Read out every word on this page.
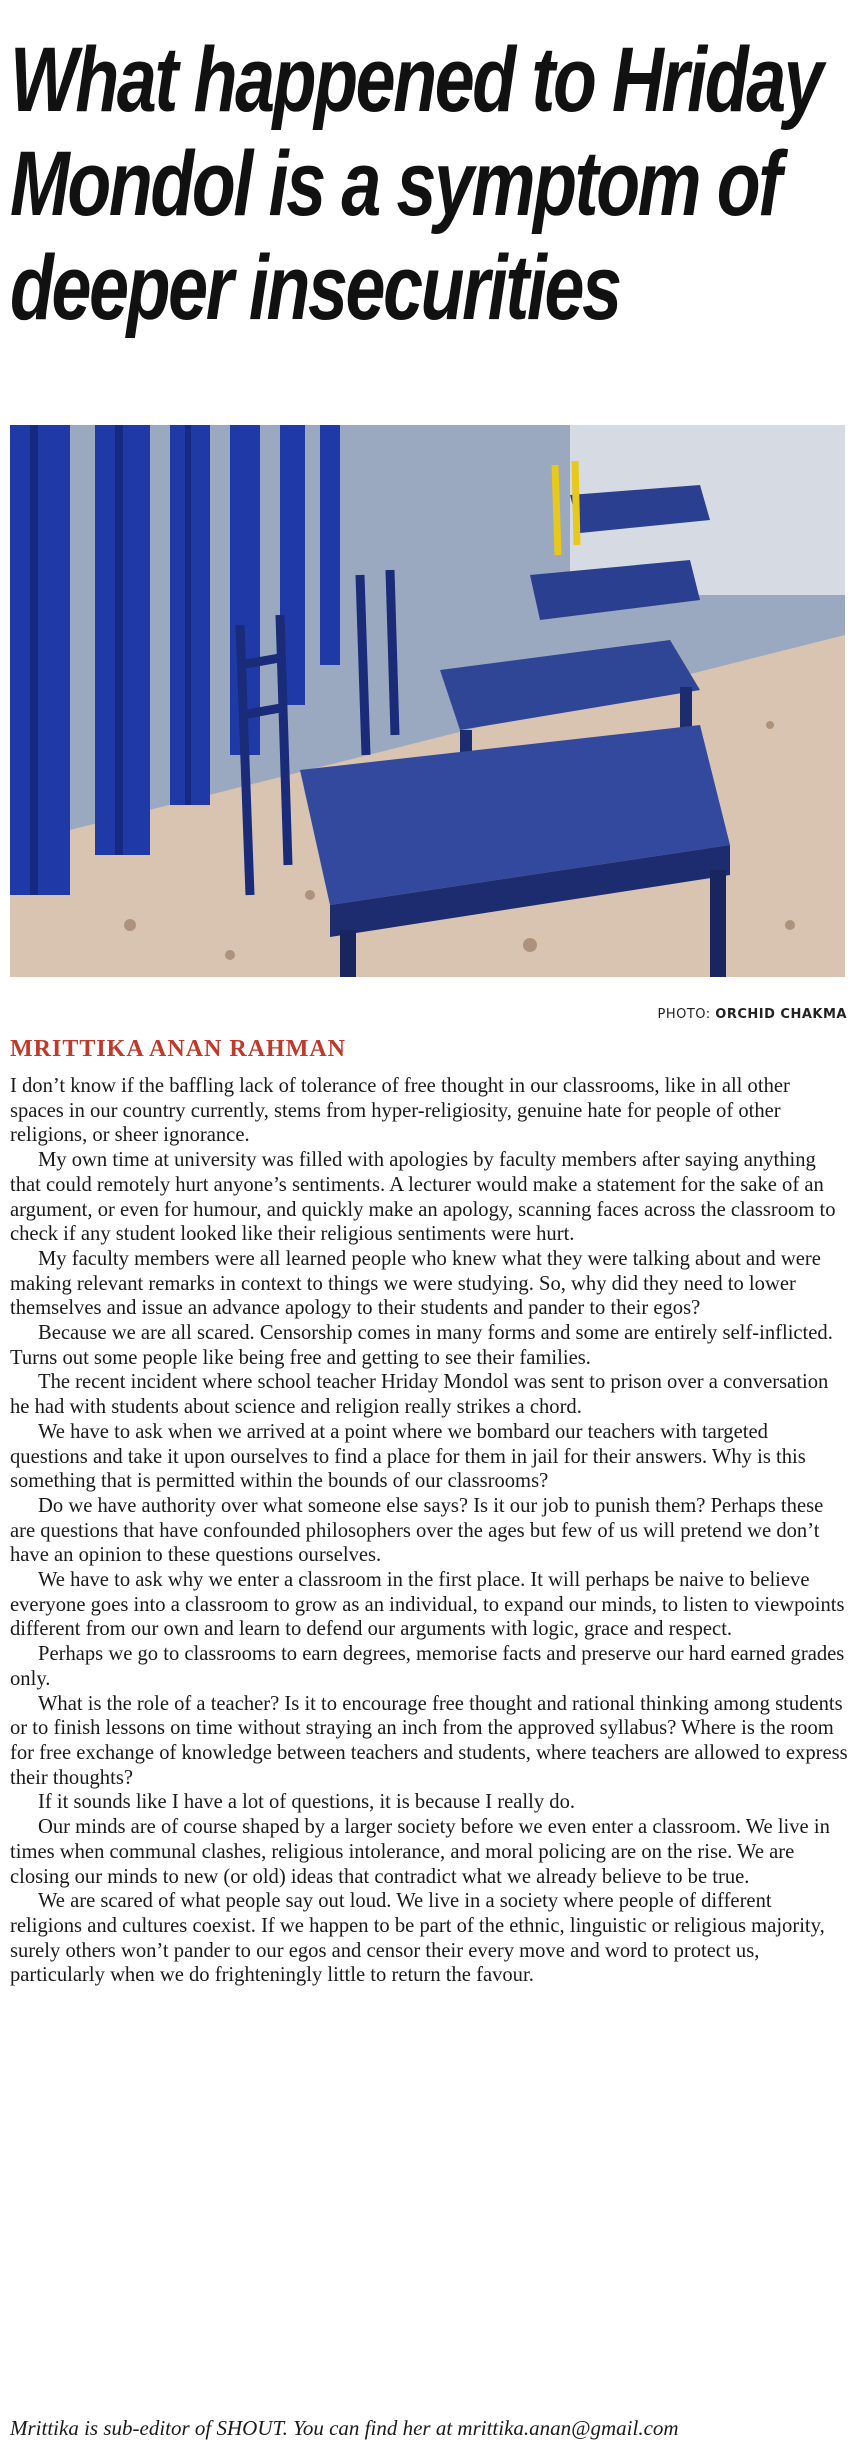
What happened to Hriday
Mondol is a symptom of
deeper insecurities
PHOTO: ORCHID CHAKMA
MRITTIKA ANAN RAHMAN

I don’t know if the baffling lack of tolerance of free thought in our classrooms, like in all other spaces in our country currently, stems from hyper-religiosity, genuine hate for people of other religions, or sheer ignorance.

My own time at university was filled with apologies by faculty members after saying anything that could remotely hurt anyone’s sentiments. A lecturer would make a statement for the sake of an argument, or even for humour, and quickly make an apology, scanning faces across the classroom to check if any student looked like their religious sentiments were hurt.

My faculty members were all learned people who knew what they were talking about and were making relevant remarks in context to things we were studying. So, why did they need to lower themselves and issue an advance apology to their students and pander to their egos?

Because we are all scared. Censorship comes in many forms and some are entirely self-inflicted. Turns out some people like being free and getting to see their families.

The recent incident where school teacher Hriday Mondol was sent to prison over a conversation he had with students about science and religion really strikes a chord.

We have to ask when we arrived at a point where we bombard our teachers with targeted questions and take it upon ourselves to find a place for them in jail for their answers. Why is this something that is permitted within the bounds of our classrooms?

Do we have authority over what someone else says? Is it our job to punish them? Perhaps these are questions that have confounded philosophers over the ages but few of us will pretend we don’t have an opinion to these questions ourselves.

We have to ask why we enter a classroom in the first place. It will perhaps be naive to believe everyone goes into a classroom to grow as an individual, to expand our minds, to listen to viewpoints different from our own and learn to defend our arguments with logic, grace and respect.

Perhaps we go to classrooms to earn degrees, memorise facts and preserve our hard earned grades only.

What is the role of a teacher? Is it to encourage free thought and rational thinking among students or to finish lessons on time without straying an inch from the approved syllabus? Where is the room for free exchange of knowledge between teachers and students, where teachers are allowed to express their thoughts?

If it sounds like I have a lot of questions, it is because I really do.

Our minds are of course shaped by a larger society before we even enter a classroom. We live in times when communal clashes, religious intolerance, and moral policing are on the rise. We are closing our minds to new (or old) ideas that contradict what we already believe to be true.

We are scared of what people say out loud. We live in a society where people of different religions and cultures coexist. If we happen to be part of the ethnic, linguistic or religious majority, surely others won’t pander to our egos and censor their every move and word to protect us, particularly when we do frighteningly little to return the favour.

Mrittika is sub-editor of SHOUT. You can find her at mrittika.anan@gmail.com
